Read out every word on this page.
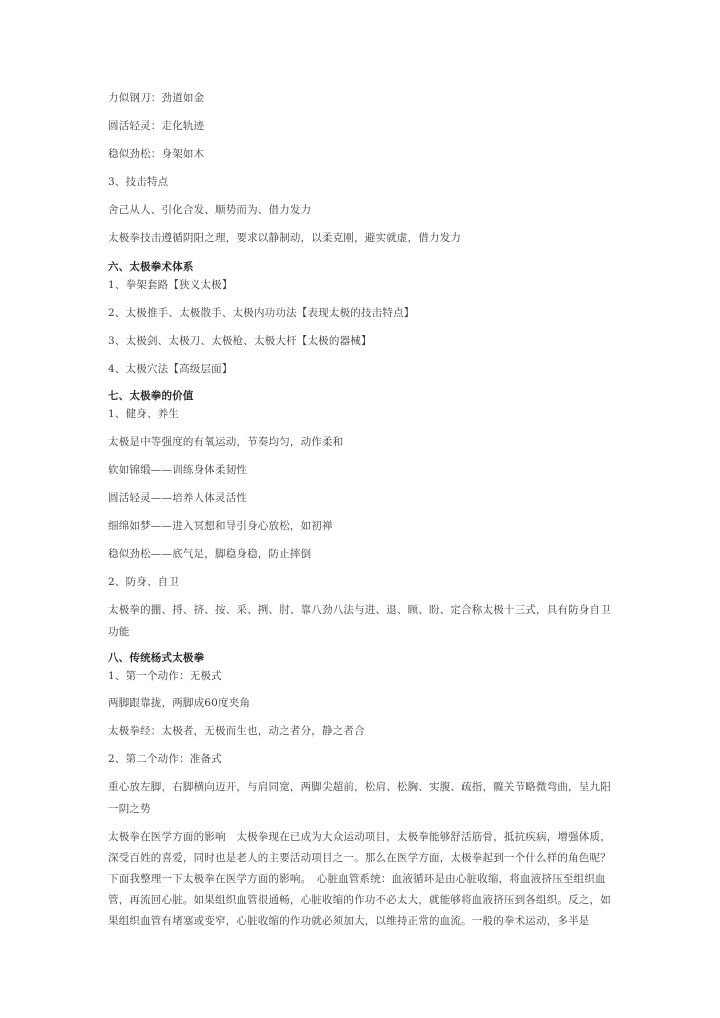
力似钢刀：劲道如金
圆活轻灵：走化轨迹
稳似劲松：身架如木
3、技击特点
舍己从人、引化合发、顺势而为、借力发力
太极拳技击遵循阴阳之理，要求以静制动，以柔克刚，避实就虚，借力发力
六、太极拳术体系
1、拳架套路【狭义太极】
2、太极推手、太极散手、太极内功功法【表现太极的技击特点】
3、太极剑、太极刀、太极枪、太极大杆【太极的器械】
4、太极穴法【高级层面】
七、太极拳的价值
1、健身、养生
太极是中等强度的有氧运动，节奏均匀，动作柔和
软如锦缎——训练身体柔韧性
圆活轻灵——培养人体灵活性
细绵如梦——进入冥想和导引身心放松，如初禅
稳似劲松——底气足，脚稳身稳，防止摔倒
2、防身、自卫
太极拳的掤、捋、挤、按、采、挒、肘、靠八劲八法与进、退、顾、盼、定合称太极十三式，具有防身自卫功能
八、传统杨式太极拳
1、第一个动作：无极式
两脚跟靠拢，两脚成60度夹角
太极拳经：太极者，无极而生也，动之者分，静之者合
2、第二个动作：准备式
重心放左脚，右脚横向迈开，与肩同宽，两脚尖超前，松肩、松胸、实腹、疏指，髋关节略微弯曲，呈九阳一阴之势
太极拳在医学方面的影响　太极拳现在已成为大众运动项目，太极拳能够舒活筋骨，抵抗疾病，增强体质，深受百姓的喜爱，同时也是老人的主要活动项目之一。那么在医学方面，太极拳起到一个什么样的角色呢？下面我整理一下太极拳在医学方面的影响。　心脏血管系统：血液循环是由心脏收缩，将血液挤压至组织血管，再流回心脏。如果组织血管很通畅，心脏收缩的作功不必太大，就能够将血液挤压到各组织。反之，如果组织血管有堵塞或变窄，心脏收缩的作功就必须加大，以维持正常的血流。一般的拳术运动，多半是
